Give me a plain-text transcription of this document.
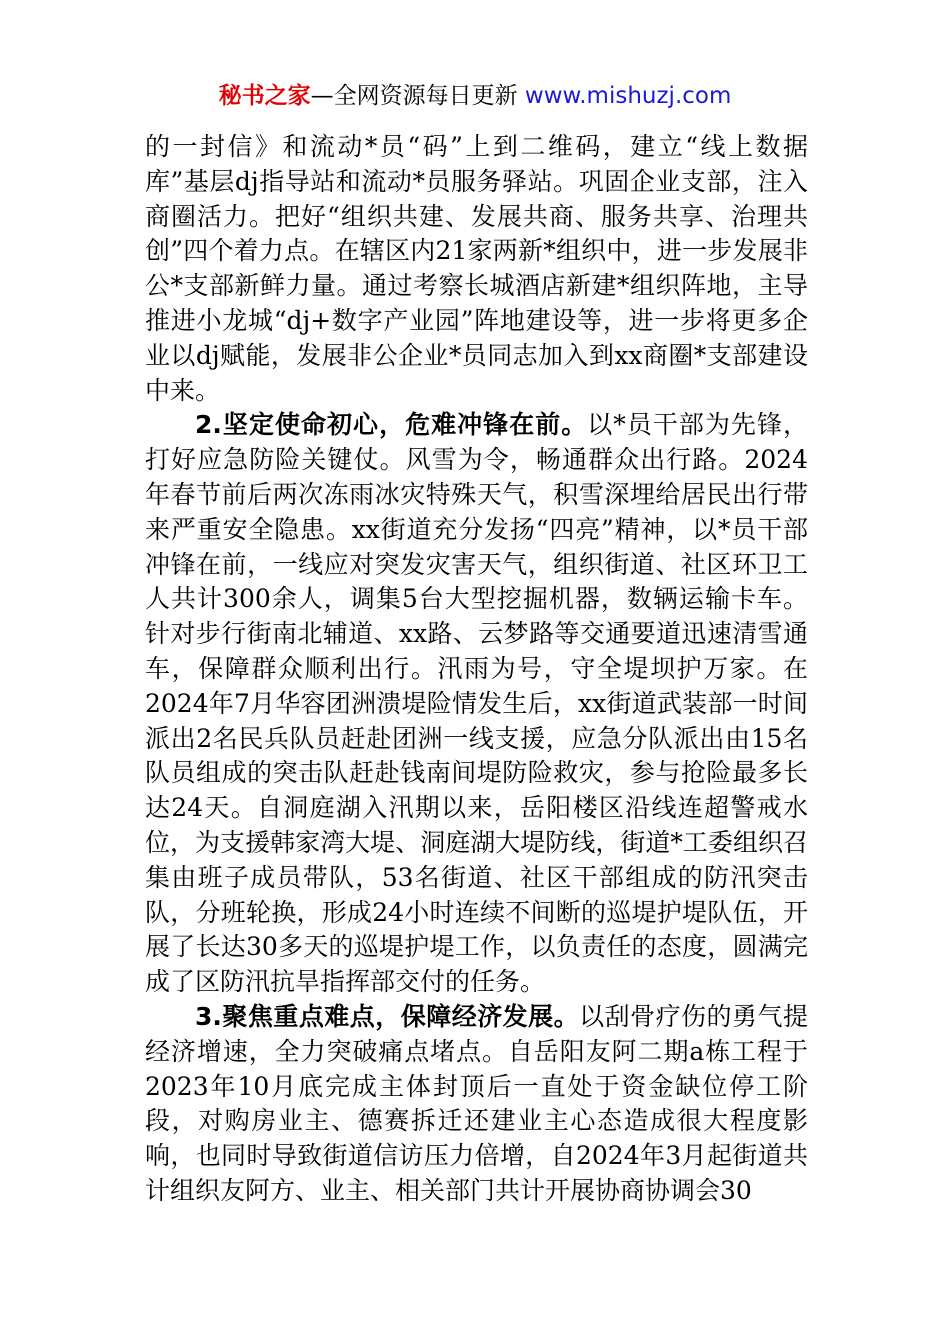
秘书之家—全网资源每日更新 www.mishuzj.com

的一封信》和流动*员“码”上到二维码，建立“线上数据库”基层dj指导站和流动*员服务驿站。巩固企业支部，注入商圈活力。把好“组织共建、发展共商、服务共享、治理共创”四个着力点。在辖区内21家两新*组织中，进一步发展非公*支部新鲜力量。通过考察长城酒店新建*组织阵地，主导推进小龙城“dj+数字产业园”阵地建设等，进一步将更多企业以dj赋能，发展非公企业*员同志加入到xx商圈*支部建设中来。

2.坚定使命初心，危难冲锋在前。以*员干部为先锋，打好应急防险关键仗。风雪为令，畅通群众出行路。2024年春节前后两次冻雨冰灾特殊天气，积雪深埋给居民出行带来严重安全隐患。xx街道充分发扬“四亮”精神，以*员干部冲锋在前，一线应对突发灾害天气，组织街道、社区环卫工人共计300余人，调集5台大型挖掘机器，数辆运输卡车。针对步行街南北辅道、xx路、云梦路等交通要道迅速清雪通车，保障群众顺利出行。汛雨为号，守全堤坝护万家。在2024年7月华容团洲溃堤险情发生后，xx街道武装部一时间派出2名民兵队员赶赴团洲一线支援，应急分队派出由15名队员组成的突击队赶赴钱南间堤防险救灾，参与抢险最多长达24天。自洞庭湖入汛期以来，岳阳楼区沿线连超警戒水位，为支援韩家湾大堤、洞庭湖大堤防线，街道*工委组织召集由班子成员带队，53名街道、社区干部组成的防汛突击队，分班轮换，形成24小时连续不间断的巡堤护堤队伍，开展了长达30多天的巡堤护堤工作，以负责任的态度，圆满完成了区防汛抗旱指挥部交付的任务。

3.聚焦重点难点，保障经济发展。以刮骨疗伤的勇气提经济增速，全力突破痛点堵点。自岳阳友阿二期a栋工程于2023年10月底完成主体封顶后一直处于资金缺位停工阶段，对购房业主、德赛拆迁还建业主心态造成很大程度影响，也同时导致街道信访压力倍增，自2024年3月起街道共计组织友阿方、业主、相关部门共计开展协商协调会30
